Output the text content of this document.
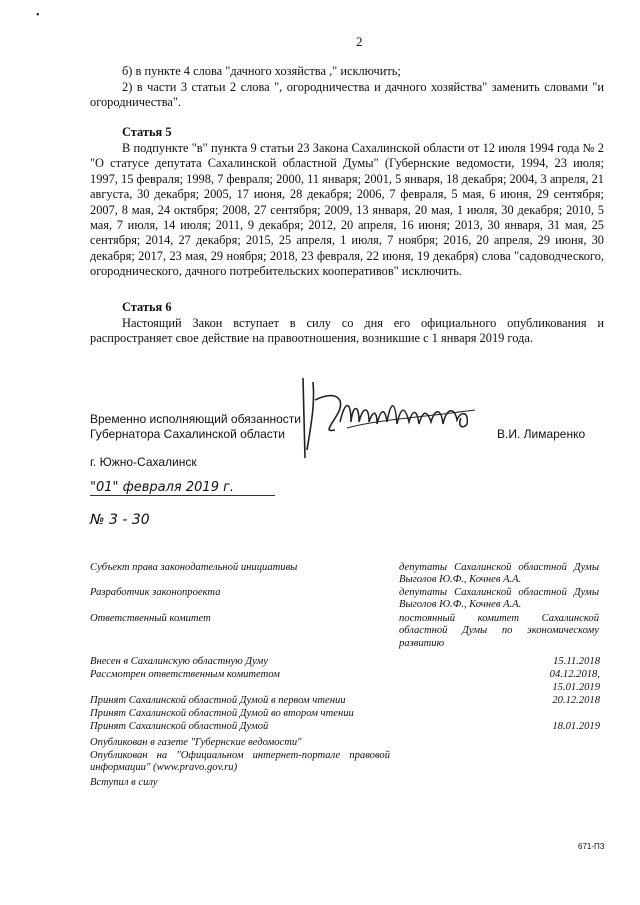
•
2
б) в пункте 4 слова "дачного хозяйства ," исключить;
2) в части 3 статьи 2 слова ", огородничества и дачного хозяйства" заменить словами "и огородничества".
Статья 5
В подпункте "в" пункта 9 статьи 23 Закона Сахалинской области от 12 июля 1994 года № 2 "О статусе депутата Сахалинской областной Думы" (Губернские ведомости, 1994, 23 июля; 1997, 15 февраля; 1998, 7 февраля; 2000, 11 января; 2001, 5 января, 18 декабря; 2004, 3 апреля, 21 августа, 30 декабря; 2005, 17 июня, 28 декабря; 2006, 7 февраля, 5 мая, 6 июня, 29 сентября; 2007, 8 мая, 24 октября; 2008, 27 сентября; 2009, 13 января, 20 мая, 1 июля, 30 декабря; 2010, 5 мая, 7 июля, 14 июля; 2011, 9 декабря; 2012, 20 апреля, 16 июня; 2013, 30 января, 31 мая, 25 сентября; 2014, 27 декабря; 2015, 25 апреля, 1 июля, 7 ноября; 2016, 20 апреля, 29 июня, 30 декабря; 2017, 23 мая, 29 ноября; 2018, 23 февраля, 22 июня, 19 декабря) слова "садоводческого, огороднического, дачного потребительских кооперативов" исключить.
Статья 6
Настоящий Закон вступает в силу со дня его официального опубликования и распространяет свое действие на правоотношения, возникшие с 1 января 2019 года.
Временно исполняющий обязанности
Губернатора Сахалинской области	В.И. Лимаренко
г. Южно-Сахалинск
"01" февраля 2019 г.
№ 3 - 30
Субъект права законодательной инициативы	депутаты Сахалинской областной Думы Выголов Ю.Ф., Кочнев А.А.
Разработчик законопроекта	депутаты Сахалинской областной Думы Выголов Ю.Ф., Кочнев А.А.
Ответственный комитет	постоянный комитет Сахалинской областной Думы по экономическому развитию
Внесен в Сахалинскую областную Думу	15.11.2018
Рассмотрен ответственным комитетом	04.12.2018,
15.01.2019
Принят Сахалинской областной Думой в первом чтении	20.12.2018
Принят Сахалинской областной Думой во втором чтении
Принят Сахалинской областной Думой	18.01.2019
Опубликован в газете "Губернские ведомости"
Опубликован на "Официальном интернет-портале правовой информации" (www.pravo.gov.ru)
Вступил в силу
671-ПЗ
